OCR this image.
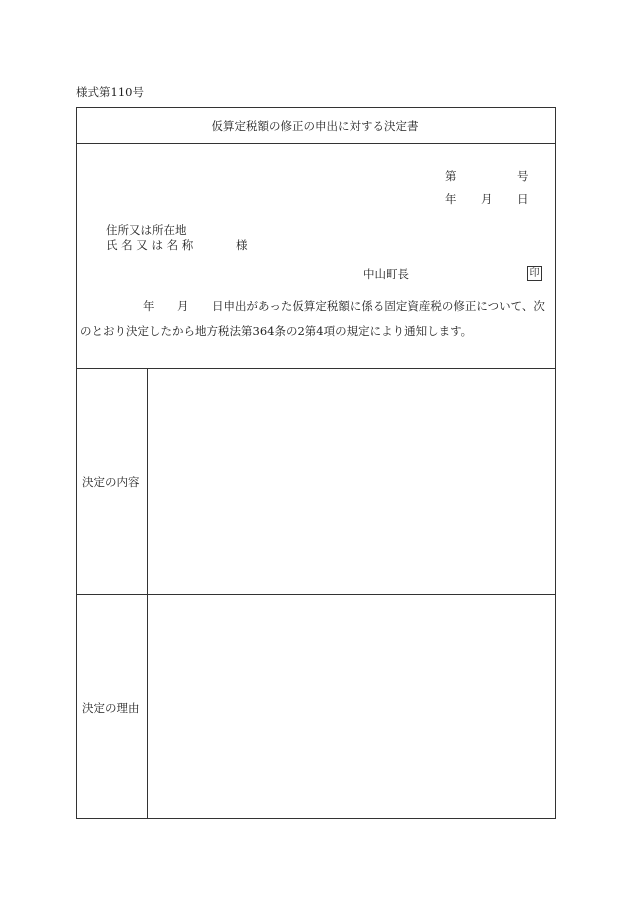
様式第110号
仮算定税額の修正の申出に対する決定書
第	号
年 月 日
住所又は所在地
氏 名 又 は 名 称	様
中山町長	印
年 月 日申出があった仮算定税額に係る固定資産税の修正について、次
のとおり決定したから地方税法第364条の2第4項の規定により通知します。
決定の内容
決定の理由
